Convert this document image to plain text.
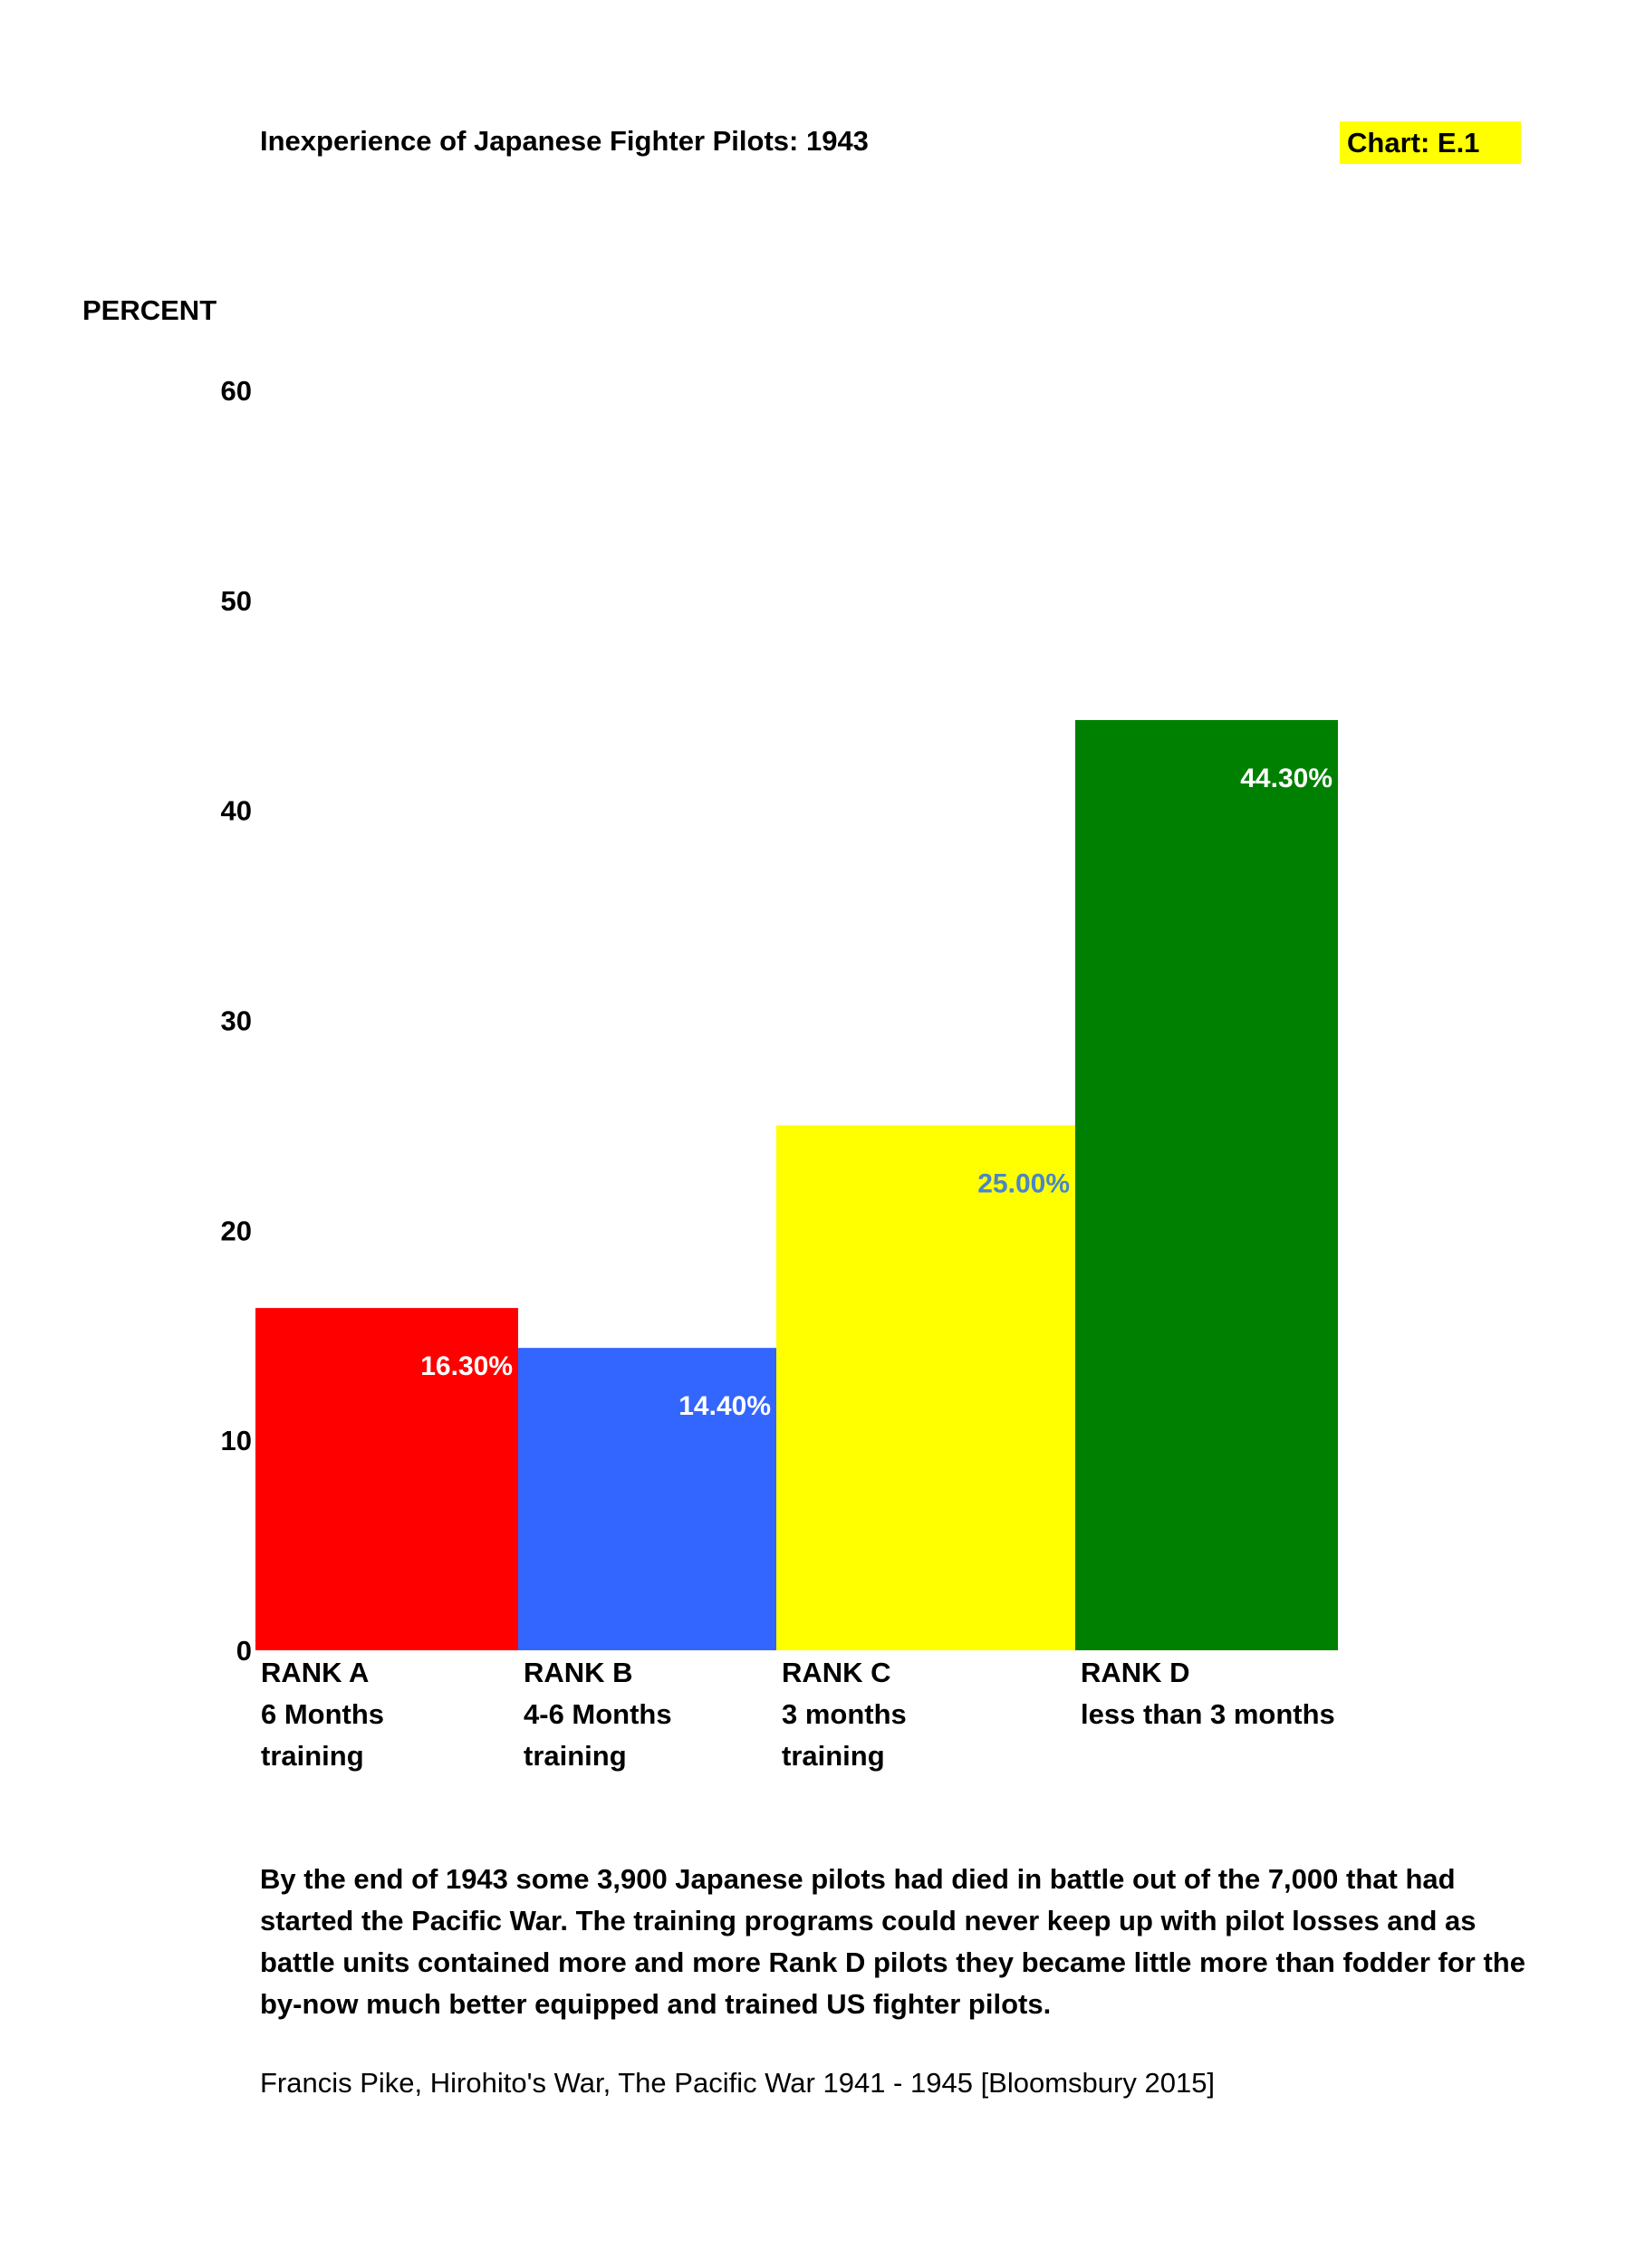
Inexperience of Japanese Fighter Pilots: 1943	Chart: E.1
PERCENT
0
10
20
30
40
50
60
16.30%
14.40%
25.00%
44.30%
RANK A
6 Months
training
RANK B
4-6 Months
training
RANK C
3 months
training
RANK D
less than 3 months
By the end of 1943 some 3,900 Japanese pilots had died in battle out of the 7,000 that had started the Pacific War. The training programs could never keep up with pilot losses and as battle units contained more and more Rank D pilots they became little more than fodder for the by-now much better equipped and trained US fighter pilots.
Francis Pike, Hirohito's War, The Pacific War 1941 - 1945 [Bloomsbury 2015]
